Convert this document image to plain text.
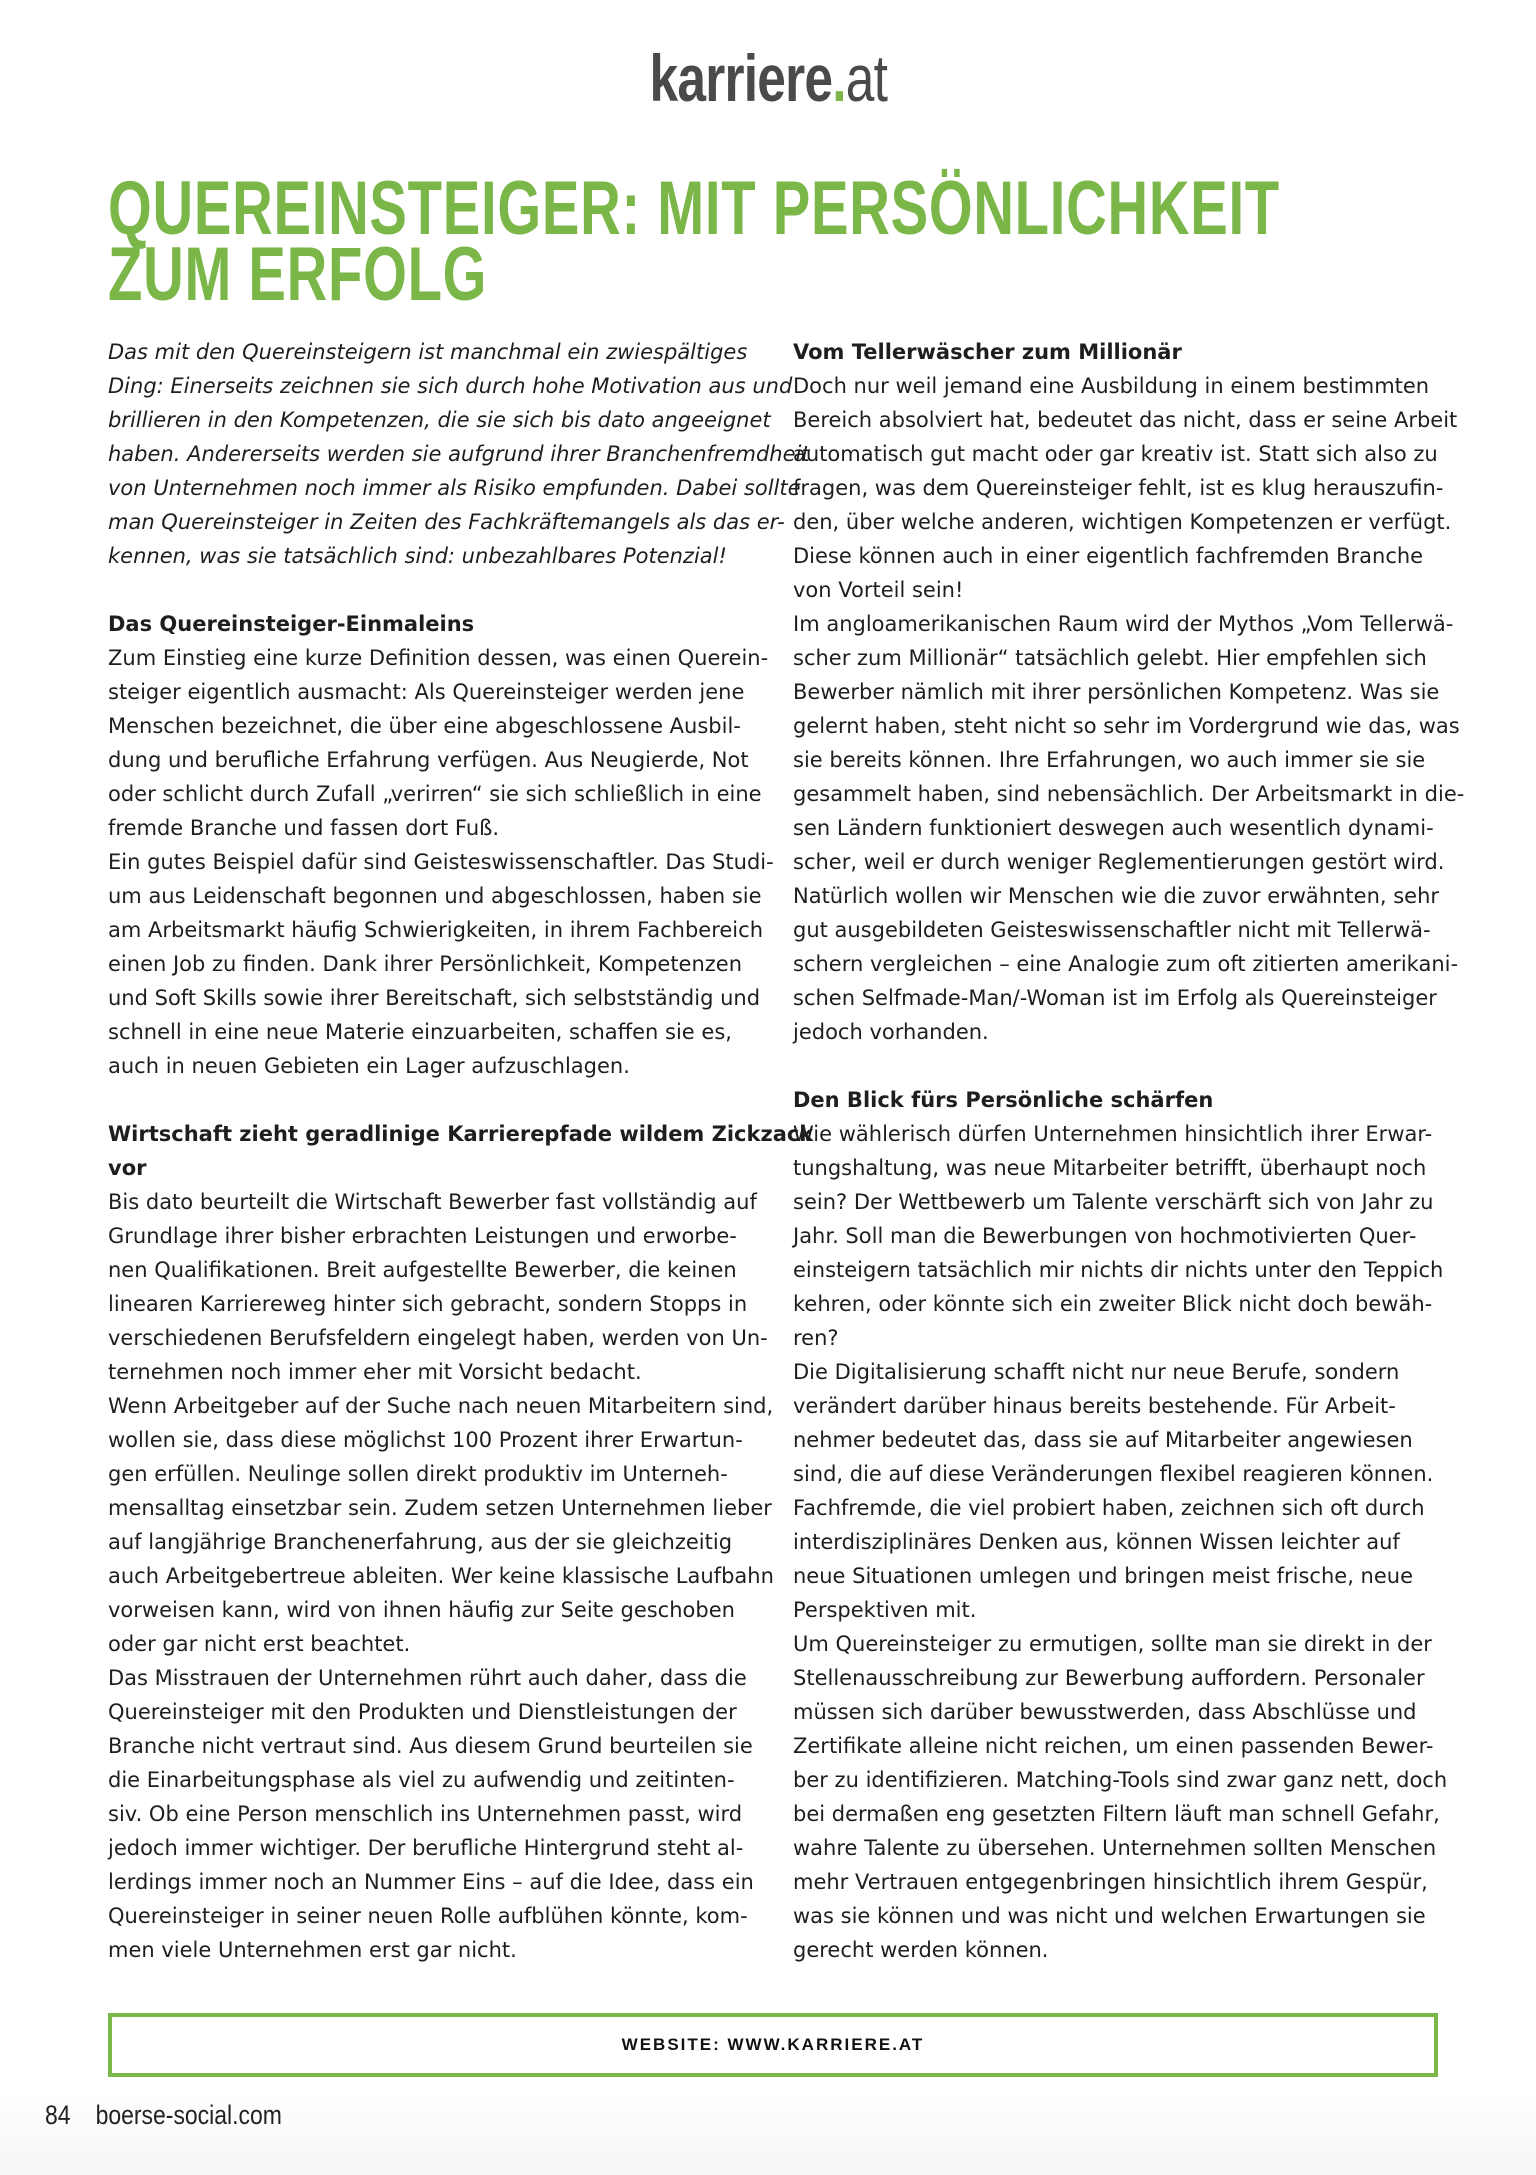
karriere.at
QUEREINSTEIGER: MIT PERSÖNLICHKEIT
ZUM ERFOLG
Das mit den Quereinsteigern ist manchmal ein zwiespältiges
Ding: Einerseits zeichnen sie sich durch hohe Motivation aus und
brillieren in den Kompetenzen, die sie sich bis dato angeeignet
haben. Andererseits werden sie aufgrund ihrer Branchenfremdheit
von Unternehmen noch immer als Risiko empfunden. Dabei sollte
man Quereinsteiger in Zeiten des Fachkräftemangels als das er-
kennen, was sie tatsächlich sind: unbezahlbares Potenzial!
Das Quereinsteiger-Einmaleins
Zum Einstieg eine kurze Definition dessen, was einen Querein-
steiger eigentlich ausmacht: Als Quereinsteiger werden jene
Menschen bezeichnet, die über eine abgeschlossene Ausbil-
dung und berufliche Erfahrung verfügen. Aus Neugierde, Not
oder schlicht durch Zufall „verirren“ sie sich schließlich in eine
fremde Branche und fassen dort Fuß.
Ein gutes Beispiel dafür sind Geisteswissenschaftler. Das Studi-
um aus Leidenschaft begonnen und abgeschlossen, haben sie
am Arbeitsmarkt häufig Schwierigkeiten, in ihrem Fachbereich
einen Job zu finden. Dank ihrer Persönlichkeit, Kompetenzen
und Soft Skills sowie ihrer Bereitschaft, sich selbstständig und
schnell in eine neue Materie einzuarbeiten, schaffen sie es,
auch in neuen Gebieten ein Lager aufzuschlagen.
Wirtschaft zieht geradlinige Karrierepfade wildem Zickzack
vor
Bis dato beurteilt die Wirtschaft Bewerber fast vollständig auf
Grundlage ihrer bisher erbrachten Leistungen und erworbe-
nen Qualifikationen. Breit aufgestellte Bewerber, die keinen
linearen Karriereweg hinter sich gebracht, sondern Stopps in
verschiedenen Berufsfeldern eingelegt haben, werden von Un-
ternehmen noch immer eher mit Vorsicht bedacht.
Wenn Arbeitgeber auf der Suche nach neuen Mitarbeitern sind,
wollen sie, dass diese möglichst 100 Prozent ihrer Erwartun-
gen erfüllen. Neulinge sollen direkt produktiv im Unterneh-
mensalltag einsetzbar sein. Zudem setzen Unternehmen lieber
auf langjährige Branchenerfahrung, aus der sie gleichzeitig
auch Arbeitgebertreue ableiten. Wer keine klassische Laufbahn
vorweisen kann, wird von ihnen häufig zur Seite geschoben
oder gar nicht erst beachtet.
Das Misstrauen der Unternehmen rührt auch daher, dass die
Quereinsteiger mit den Produkten und Dienstleistungen der
Branche nicht vertraut sind. Aus diesem Grund beurteilen sie
die Einarbeitungsphase als viel zu aufwendig und zeitinten-
siv. Ob eine Person menschlich ins Unternehmen passt, wird
jedoch immer wichtiger. Der berufliche Hintergrund steht al-
lerdings immer noch an Nummer Eins – auf die Idee, dass ein
Quereinsteiger in seiner neuen Rolle aufblühen könnte, kom-
men viele Unternehmen erst gar nicht.
Vom Tellerwäscher zum Millionär
Doch nur weil jemand eine Ausbildung in einem bestimmten
Bereich absolviert hat, bedeutet das nicht, dass er seine Arbeit
automatisch gut macht oder gar kreativ ist. Statt sich also zu
fragen, was dem Quereinsteiger fehlt, ist es klug herauszufin-
den, über welche anderen, wichtigen Kompetenzen er verfügt.
Diese können auch in einer eigentlich fachfremden Branche
von Vorteil sein!
Im angloamerikanischen Raum wird der Mythos „Vom Tellerwä-
scher zum Millionär“ tatsächlich gelebt. Hier empfehlen sich
Bewerber nämlich mit ihrer persönlichen Kompetenz. Was sie
gelernt haben, steht nicht so sehr im Vordergrund wie das, was
sie bereits können. Ihre Erfahrungen, wo auch immer sie sie
gesammelt haben, sind nebensächlich. Der Arbeitsmarkt in die-
sen Ländern funktioniert deswegen auch wesentlich dynami-
scher, weil er durch weniger Reglementierungen gestört wird.
Natürlich wollen wir Menschen wie die zuvor erwähnten, sehr
gut ausgebildeten Geisteswissenschaftler nicht mit Tellerwä-
schern vergleichen – eine Analogie zum oft zitierten amerikani-
schen Selfmade-Man/-Woman ist im Erfolg als Quereinsteiger
jedoch vorhanden.
Den Blick fürs Persönliche schärfen
Wie wählerisch dürfen Unternehmen hinsichtlich ihrer Erwar-
tungshaltung, was neue Mitarbeiter betrifft, überhaupt noch
sein? Der Wettbewerb um Talente verschärft sich von Jahr zu
Jahr. Soll man die Bewerbungen von hochmotivierten Quer-
einsteigern tatsächlich mir nichts dir nichts unter den Teppich
kehren, oder könnte sich ein zweiter Blick nicht doch bewäh-
ren?
Die Digitalisierung schafft nicht nur neue Berufe, sondern
verändert darüber hinaus bereits bestehende. Für Arbeit-
nehmer bedeutet das, dass sie auf Mitarbeiter angewiesen
sind, die auf diese Veränderungen flexibel reagieren können.
Fachfremde, die viel probiert haben, zeichnen sich oft durch
interdisziplinäres Denken aus, können Wissen leichter auf
neue Situationen umlegen und bringen meist frische, neue
Perspektiven mit.
Um Quereinsteiger zu ermutigen, sollte man sie direkt in der
Stellenausschreibung zur Bewerbung auffordern. Personaler
müssen sich darüber bewusstwerden, dass Abschlüsse und
Zertifikate alleine nicht reichen, um einen passenden Bewer-
ber zu identifizieren. Matching-Tools sind zwar ganz nett, doch
bei dermaßen eng gesetzten Filtern läuft man schnell Gefahr,
wahre Talente zu übersehen. Unternehmen sollten Menschen
mehr Vertrauen entgegenbringen hinsichtlich ihrem Gespür,
was sie können und was nicht und welchen Erwartungen sie
gerecht werden können.
WEBSITE: WWW.KARRIERE.AT
84 boerse-social.com
